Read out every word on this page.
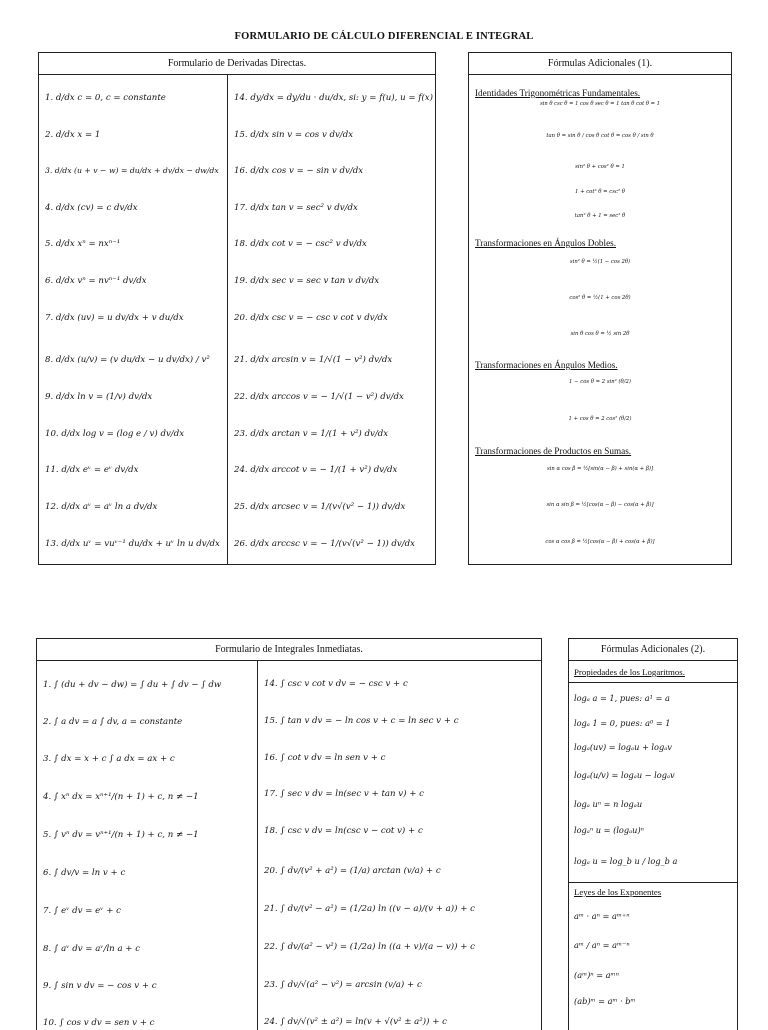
FORMULARIO DE CÁLCULO DIFERENCIAL E INTEGRAL
Formulario de Derivadas Directas.
1. d/dx c = 0, c = constante
2. d/dx x = 1
3. d/dx (u + v − w) = du/dx + dv/dx − dw/dx
4. d/dx (cv) = c dv/dx
5. d/dx xⁿ = nxⁿ⁻¹
6. d/dx vⁿ = nvⁿ⁻¹ dv/dx
7. d/dx (uv) = u dv/dx + v du/dx
8. d/dx (u/v) = (v du/dx − u dv/dx) / v²
9. d/dx ln v = (1/v) dv/dx
10. d/dx log v = (log e / v) dv/dx
11. d/dx eᵛ = eᵛ dv/dx
12. d/dx aᵛ = aᵛ ln a dv/dx
13. d/dx uᵛ = vuᵛ⁻¹ du/dx + uᵛ ln u dv/dx
14. dy/dx = dy/du · du/dx, si: y = f(u), u = f(x)
15. d/dx sin v = cos v dv/dx
16. d/dx cos v = − sin v dv/dx
17. d/dx tan v = sec² v dv/dx
18. d/dx cot v = − csc² v dv/dx
19. d/dx sec v = sec v tan v dv/dx
20. d/dx csc v = − csc v cot v dv/dx
21. d/dx arcsin v = 1/√(1 − v²) dv/dx
22. d/dx arccos v = − 1/√(1 − v²) dv/dx
23. d/dx arctan v = 1/(1 + v²) dv/dx
24. d/dx arccot v = − 1/(1 + v²) dv/dx
25. d/dx arcsec v = 1/(v√(v² − 1)) dv/dx
26. d/dx arccsc v = − 1/(v√(v² − 1)) dv/dx
Fórmulas Adicionales (1).
Identidades Trigonométricas Fundamentales.
sin θ csc θ = 1 cos θ sec θ = 1 tan θ cot θ = 1
tan θ = sin θ / cos θ cot θ = cos θ / sin θ
sin² θ + cos² θ = 1
1 + cot² θ = csc² θ
tan² θ + 1 = sec² θ
Transformaciones en Ángulos Dobles.
sin² θ = ½(1 − cos 2θ)
cos² θ = ½(1 + cos 2θ)
sin θ cos θ = ½ sin 2θ
Transformaciones en Ángulos Medios.
1 − cos θ = 2 sin² (θ/2)
1 + cos θ = 2 cos² (θ/2)
Transformaciones de Productos en Sumas.
sin α cos β = ½[sin(α − β) + sin(α + β)]
sin α sin β = ½[cos(α − β) − cos(α + β)]
cos α cos β = ½[cos(α − β) + cos(α + β)]
Formulario de Integrales Inmediatas.
1. ∫ (du + dv − dw) = ∫ du + ∫ dv − ∫ dw
2. ∫ a dv = a ∫ dv, a = constante
3. ∫ dx = x + c ∫ a dx = ax + c
4. ∫ xⁿ dx = xⁿ⁺¹/(n + 1) + c, n ≠ −1
5. ∫ vⁿ dv = vⁿ⁺¹/(n + 1) + c, n ≠ −1
6. ∫ dv/v = ln v + c
7. ∫ eᵛ dv = eᵛ + c
8. ∫ aᵛ dv = aᵛ/ln a + c
9. ∫ sin v dv = − cos v + c
10. ∫ cos v dv = sen v + c
14. ∫ csc v cot v dv = − csc v + c
15. ∫ tan v dv = − ln cos v + c = ln sec v + c
16. ∫ cot v dv = ln sen v + c
17. ∫ sec v dv = ln(sec v + tan v) + c
18. ∫ csc v dv = ln(csc v − cot v) + c
20. ∫ dv/(v² + a²) = (1/a) arctan (v/a) + c
21. ∫ dv/(v² − a²) = (1/2a) ln ((v − a)/(v + a)) + c
22. ∫ dv/(a² − v²) = (1/2a) ln ((a + v)/(a − v)) + c
23. ∫ dv/√(a² − v²) = arcsin (v/a) + c
24. ∫ dv/√(v² ± a²) = ln(v + √(v² ± a²)) + c
Fórmulas Adicionales (2).
Propiedades de los Logaritmos.
logₐ a = 1, pues: a¹ = a
logₐ 1 = 0, pues: a⁰ = 1
logₐ(uv) = logₐu + logₐv
logₐ(u/v) = logₐu − logₐv
logₐ uⁿ = n logₐu
logₐⁿ u = (logₐu)ⁿ
logₐ u = log_b u / log_b a
Leyes de los Exponentes
aᵐ · aⁿ = aᵐ⁺ⁿ
aᵐ / aⁿ = aᵐ⁻ⁿ
(aᵐ)ⁿ = aᵐⁿ
(ab)ᵐ = aᵐ · bᵐ
